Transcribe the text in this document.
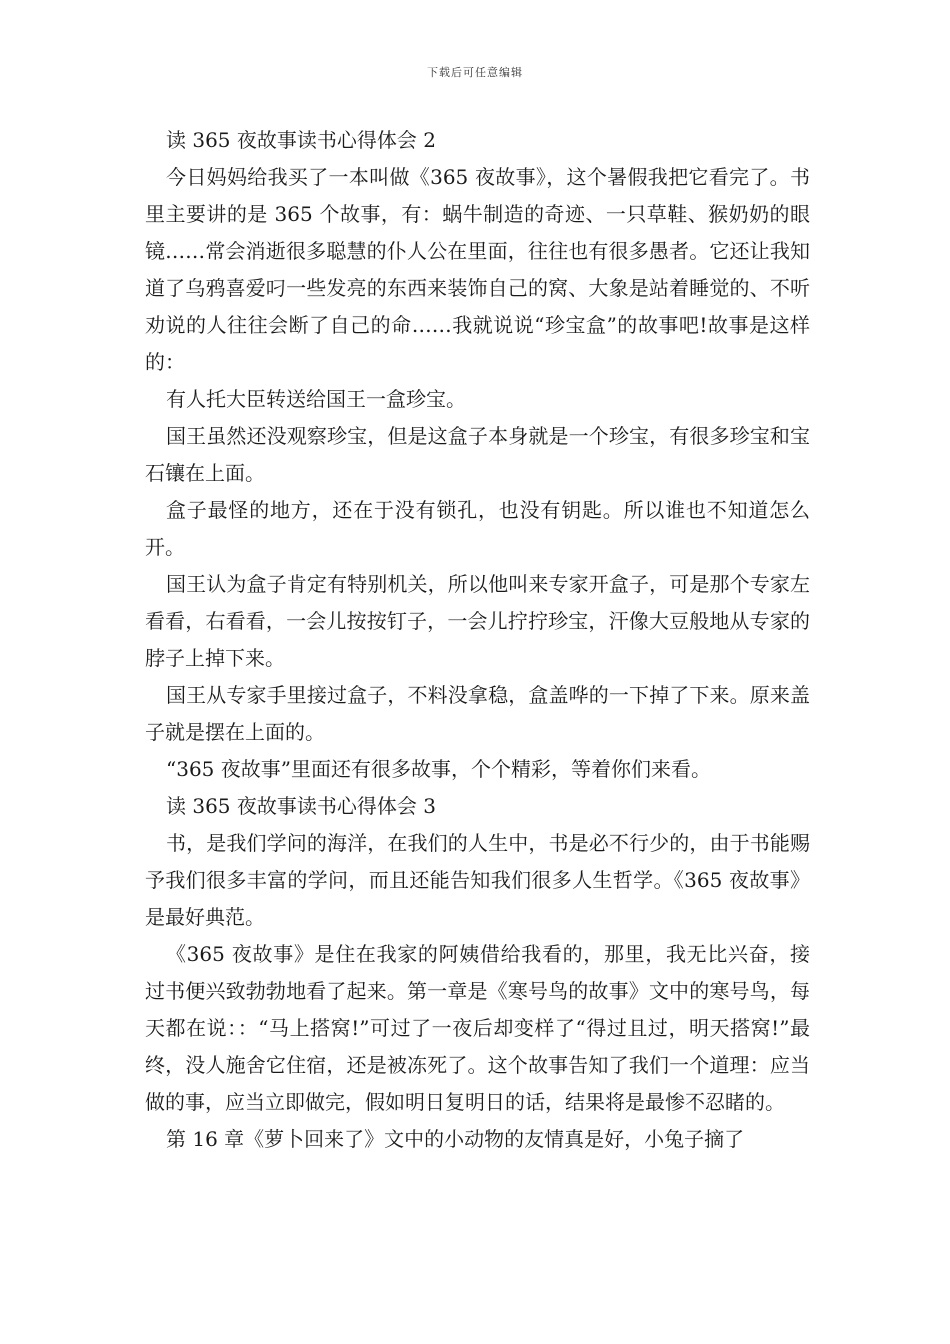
下载后可任意编辑

读 365 夜故事读书心得体会 2

今日妈妈给我买了一本叫做《365 夜故事》，这个暑假我把它看完了。书里主要讲的是 365 个故事，有：蜗牛制造的奇迹、一只草鞋、猴奶奶的眼镜……常会消逝很多聪慧的仆人公在里面，往往也有很多愚者。它还让我知道了乌鸦喜爱叼一些发亮的东西来装饰自己的窝、大象是站着睡觉的、不听劝说的人往往会断了自己的命……我就说说“珍宝盒”的故事吧!故事是这样的：

有人托大臣转送给国王一盒珍宝。

国王虽然还没观察珍宝，但是这盒子本身就是一个珍宝，有很多珍宝和宝石镶在上面。

盒子最怪的地方，还在于没有锁孔，也没有钥匙。所以谁也不知道怎么开。

国王认为盒子肯定有特别机关，所以他叫来专家开盒子，可是那个专家左看看，右看看，一会儿按按钉子，一会儿拧拧珍宝，汗像大豆般地从专家的脖子上掉下来。

国王从专家手里接过盒子，不料没拿稳，盒盖哗的一下掉了下来。原来盖子就是摆在上面的。

“365 夜故事”里面还有很多故事，个个精彩，等着你们来看。

读 365 夜故事读书心得体会 3

书，是我们学问的海洋，在我们的人生中，书是必不行少的，由于书能赐予我们很多丰富的学问，而且还能告知我们很多人生哲学。《365 夜故事》是最好典范。

《365 夜故事》是住在我家的阿姨借给我看的，那里，我无比兴奋，接过书便兴致勃勃地看了起来。第一章是《寒号鸟的故事》文中的寒号鸟，每天都在说：：“马上搭窝!”可过了一夜后却变样了“得过且过，明天搭窝!”最终，没人施舍它住宿，还是被冻死了。这个故事告知了我们一个道理：应当做的事，应当立即做完，假如明日复明日的话，结果将是最惨不忍睹的。

第 16 章《萝卜回来了》文中的小动物的友情真是好，小兔子摘了
